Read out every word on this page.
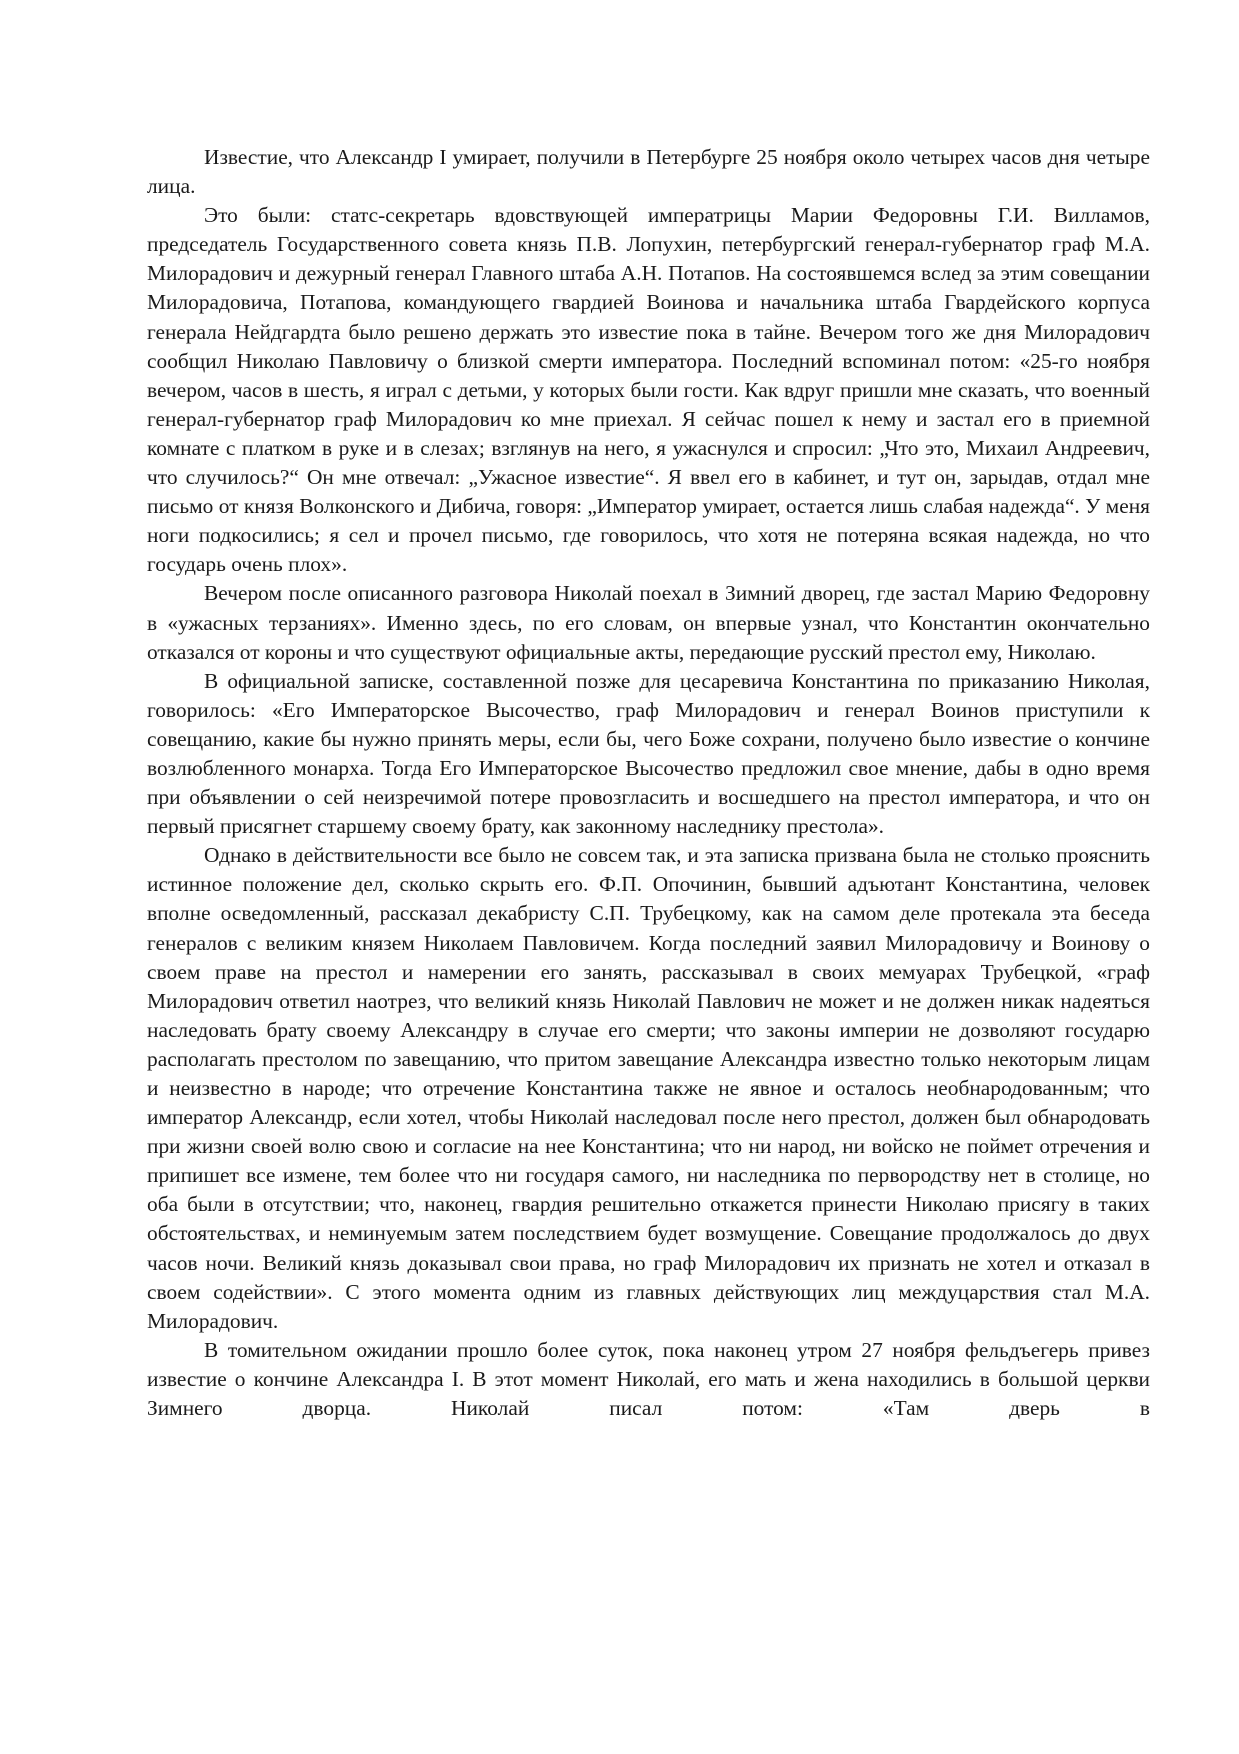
Известие, что Александр I умирает, получили в Петербурге 25 ноября около четырех часов дня четыре лица.

Это были: статс-секретарь вдовствующей императрицы Марии Федоровны Г.И. Вилламов, председатель Государственного совета князь П.В. Лопухин, петербургский генерал-губернатор граф М.А. Милорадович и дежурный генерал Главного штаба А.Н. Потапов. На состоявшемся вслед за этим совещании Милорадовича, Потапова, командующего гвардией Воинова и начальника штаба Гвардейского корпуса генерала Нейдгардта было решено держать это известие пока в тайне. Вечером того же дня Милорадович сообщил Николаю Павловичу о близкой смерти императора. Последний вспоминал потом: «25-го ноября вечером, часов в шесть, я играл с детьми, у которых были гости. Как вдруг пришли мне сказать, что военный генерал-губернатор граф Милорадович ко мне приехал. Я сейчас пошел к нему и застал его в приемной комнате с платком в руке и в слезах; взглянув на него, я ужаснулся и спросил: „Что это, Михаил Андреевич, что случилось?“ Он мне отвечал: „Ужасное известие“. Я ввел его в кабинет, и тут он, зарыдав, отдал мне письмо от князя Волконского и Дибича, говоря: „Император умирает, остается лишь слабая надежда“. У меня ноги подкосились; я сел и прочел письмо, где говорилось, что хотя не потеряна всякая надежда, но что государь очень плох».

Вечером после описанного разговора Николай поехал в Зимний дворец, где застал Марию Федоровну в «ужасных терзаниях». Именно здесь, по его словам, он впервые узнал, что Константин окончательно отказался от короны и что существуют официальные акты, передающие русский престол ему, Николаю.

В официальной записке, составленной позже для цесаревича Константина по приказанию Николая, говорилось: «Его Императорское Высочество, граф Милорадович и генерал Воинов приступили к совещанию, какие бы нужно принять меры, если бы, чего Боже сохрани, получено было известие о кончине возлюбленного монарха. Тогда Его Императорское Высочество предложил свое мнение, дабы в одно время при объявлении о сей неизречимой потере провозгласить и восшедшего на престол императора, и что он первый присягнет старшему своему брату, как законному наследнику престола».

Однако в действительности все было не совсем так, и эта записка призвана была не столько прояснить истинное положение дел, сколько скрыть его. Ф.П. Опочинин, бывший адъютант Константина, человек вполне осведомленный, рассказал декабристу С.П. Трубецкому, как на самом деле протекала эта беседа генералов с великим князем Николаем Павловичем. Когда последний заявил Милорадовичу и Воинову о своем праве на престол и намерении его занять, рассказывал в своих мемуарах Трубецкой, «граф Милорадович ответил наотрез, что великий князь Николай Павлович не может и не должен никак надеяться наследовать брату своему Александру в случае его смерти; что законы империи не дозволяют государю располагать престолом по завещанию, что притом завещание Александра известно только некоторым лицам и неизвестно в народе; что отречение Константина также не явное и осталось необнародованным; что император Александр, если хотел, чтобы Николай наследовал после него престол, должен был обнародовать при жизни своей волю свою и согласие на нее Константина; что ни народ, ни войско не поймет отречения и припишет все измене, тем более что ни государя самого, ни наследника по первородству нет в столице, но оба были в отсутствии; что, наконец, гвардия решительно откажется принести Николаю присягу в таких обстоятельствах, и неминуемым затем последствием будет возмущение. Совещание продолжалось до двух часов ночи. Великий князь доказывал свои права, но граф Милорадович их признать не хотел и отказал в своем содействии». С этого момента одним из главных действующих лиц междуцарствия стал М.А. Милорадович.

В томительном ожидании прошло более суток, пока наконец утром 27 ноября фельдъегерь привез известие о кончине Александра I. В этот момент Николай, его мать и жена находились в большой церкви Зимнего дворца. Николай писал потом: «Там дверь в
